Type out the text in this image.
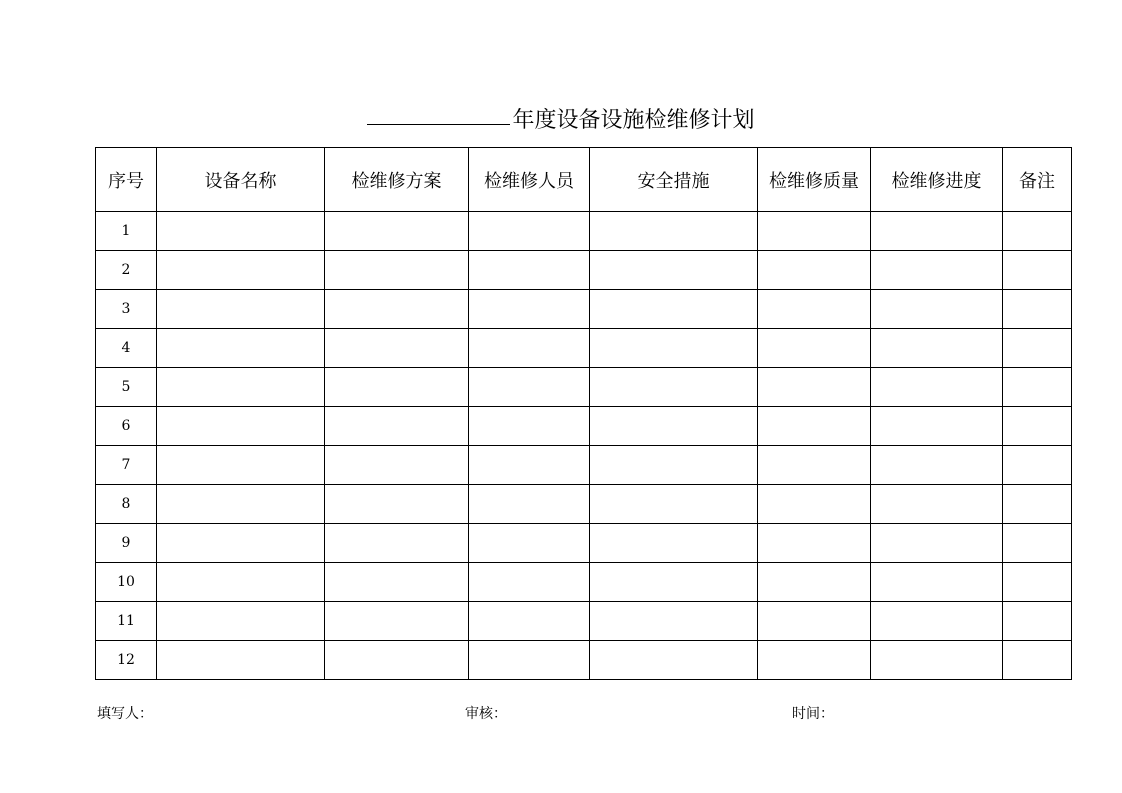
年度设备设施检维修计划
序号	设备名称	检维修方案	检维修人员	安全措施	检维修质量	检维修进度	备注
1							
2							
3							
4							
5							
6							
7							
8							
9							
10							
11							
12							
填写人：	审核：	时间：
